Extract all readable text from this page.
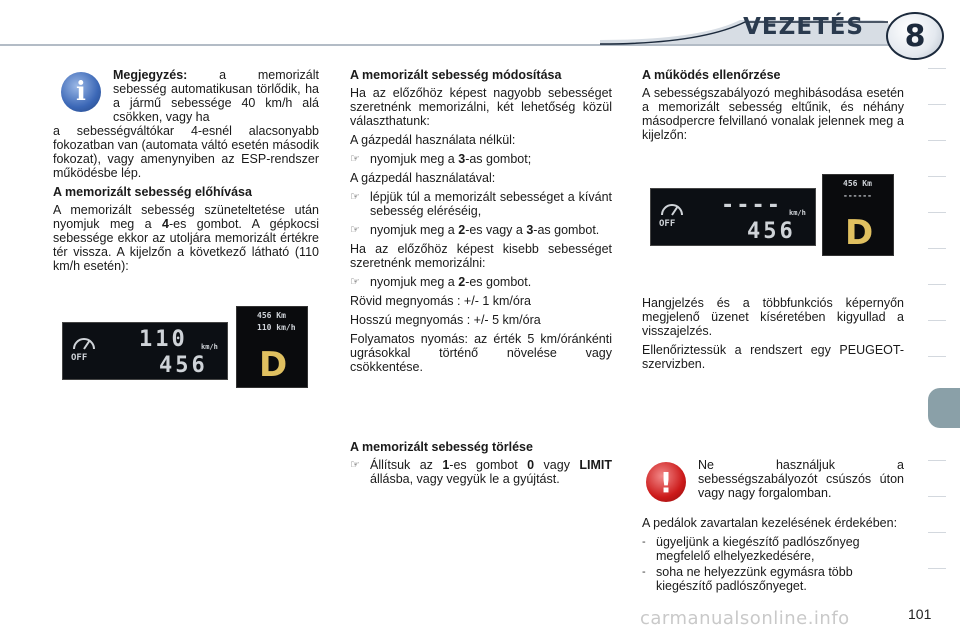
VEZETÉS	8
i

Megjegyzés: a memorizált sebesség automatikusan törlődik, ha a jármű sebessége 40 km/h alá csökken, vagy ha

a sebességváltókar 4-esnél alacsonyabb fokozatban van (automata váltó esetén második fokozat), vagy amenynyiben az ESP-rendszer működésbe lép.

A memorizált sebesség előhívása

A memorizált sebesség szüneteltetése után nyomjuk meg a 4-es gombot. A gépkocsi sebessége ekkor az utoljára memorizált értékre tér vissza. A kijelzőn a következő látható (110 km/h esetén):

OFF
110 km/h
456
456 Km
110 km/h
D
A memorizált sebesség módosítása

Ha az előzőhöz képest nagyobb sebességet szeretnénk memorizálni, két lehetőség közül választhatunk:

A gázpedál használata nélkül:

☞ nyomjuk meg a 3-as gombot;

A gázpedál használatával:

☞ lépjük túl a memorizált sebességet a kívánt sebesség eléréséig,
☞ nyomjuk meg a 2-es vagy a 3-as gombot.

Ha az előzőhöz képest kisebb sebességet szeretnénk memorizálni:

☞ nyomjuk meg a 2-es gombot.

Rövid megnyomás : +/- 1 km/óra

Hosszú megnyomás : +/- 5 km/óra

Folyamatos nyomás: az érték 5 km/óránkénti ugrásokkal történő növelése vagy csökkentése.

A memorizált sebesség törlése
☞ Állítsuk az 1-es gombot 0 vagy LIMIT állásba, vagy vegyük le a gyújtást.
A működés ellenőrzése

A sebességszabályozó meghibásodása esetén a memorizált sebesség eltűnik, és néhány másodpercre felvillanó vonalak jelennek meg a kijelzőn:

OFF
---- km/h
456
456 Km
------
D

Hangjelzés és a többfunkciós képernyőn megjelenő üzenet kíséretében kigyullad a visszajelzés.

Ellenőriztessük a rendszert egy PEUGEOT-szervizben.

!

Ne használjuk a sebességszabályozót csúszós úton vagy nagy forgalomban.

A pedálok zavartalan kezelésének érdekében:

- ügyeljünk a kiegészítő padlószőnyeg megfelelő elhelyezkedésére,
- soha ne helyezzünk egymásra több kiegészítő padlószőnyeget.
carmanualsonline.info	101
